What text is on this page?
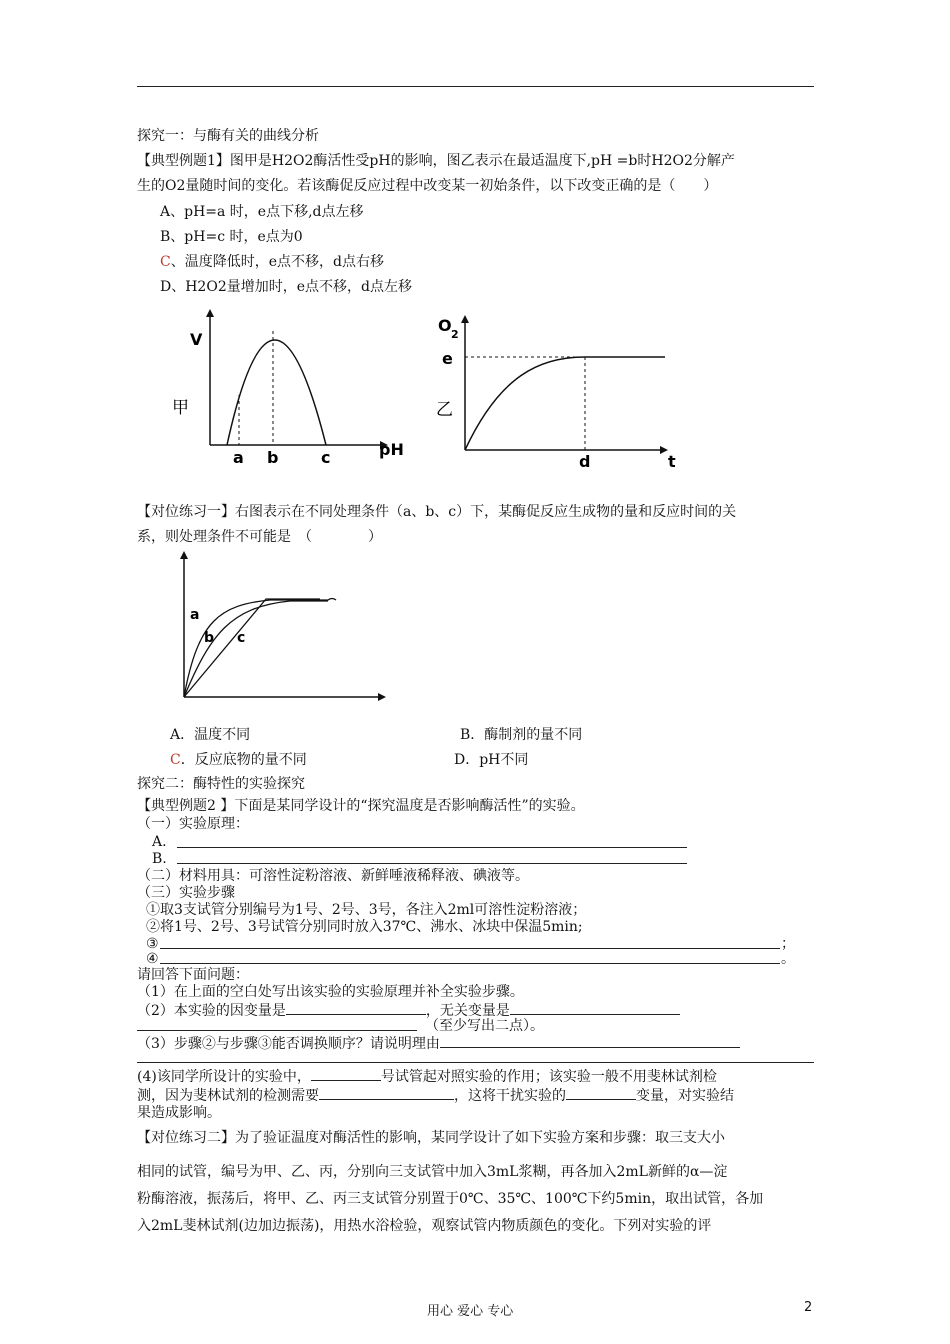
探究一：与酶有关的曲线分析
【典型例题1】图甲是H2O2酶活性受pH的影响，图乙表示在最适温度下,pH =b时H2O2分解产
生的O2量随时间的变化。若该酶促反应过程中改变某一初始条件，以下改变正确的是（　　）
A、pH=a 时，e点下移,d点左移
B、pH=c 时，e点为0
C、温度降低时，e点不移，d点右移
D、H2O2量增加时，e点不移，d点左移
V
甲
pH
a b	c
O 2
e
乙
d	t
【对位练习一】右图表示在不同处理条件（a、b、c）下，某酶促反应生成物的量和反应时间的关
系，则处理条件不可能是　（　　　　）
a
b c
A．温度不同	B．酶制剂的量不同
C．反应底物的量不同	D．pH不同
探究二：酶特性的实验探究
【典型例题2 】下面是某同学设计的“探究温度是否影响酶活性”的实验。
（一）实验原理：
A.
B.
（二）材料用具：可溶性淀粉溶液、新鲜唾液稀释液、碘液等。
（三）实验步骤
①取3支试管分别编号为1号、2号、3号，各注入2ml可溶性淀粉溶液；
②将1号、2号、3号试管分别同时放入37℃、沸水、冰块中保温5min;
③	；
④	。
请回答下面问题：
（1）在上面的空白处写出该实验的实验原理并补全实验步骤。
（2）本实验的因变量是	，无关变量是
（至少写出二点）。
（3）步骤②与步骤③能否调换顺序？请说明理由
(4)该同学所设计的实验中，	号试管起对照实验的作用；该实验一般不用斐林试剂检
测，因为斐林试剂的检测需要	，这将干扰实验的	变量，对实验结
果造成影响。
【对位练习二】为了验证温度对酶活性的影响，某同学设计了如下实验方案和步骤：取三支大小
相同的试管，编号为甲、乙、丙，分别向三支试管中加入3mL浆糊，再各加入2mL新鲜的α—淀
粉酶溶液，振荡后，将甲、乙、丙三支试管分别置于0℃、35℃、100℃下约5min，取出试管，各加
入2mL斐林试剂(边加边振荡)，用热水浴检验，观察试管内物质颜色的变化。下列对实验的评
用心 爱心 专心	2
